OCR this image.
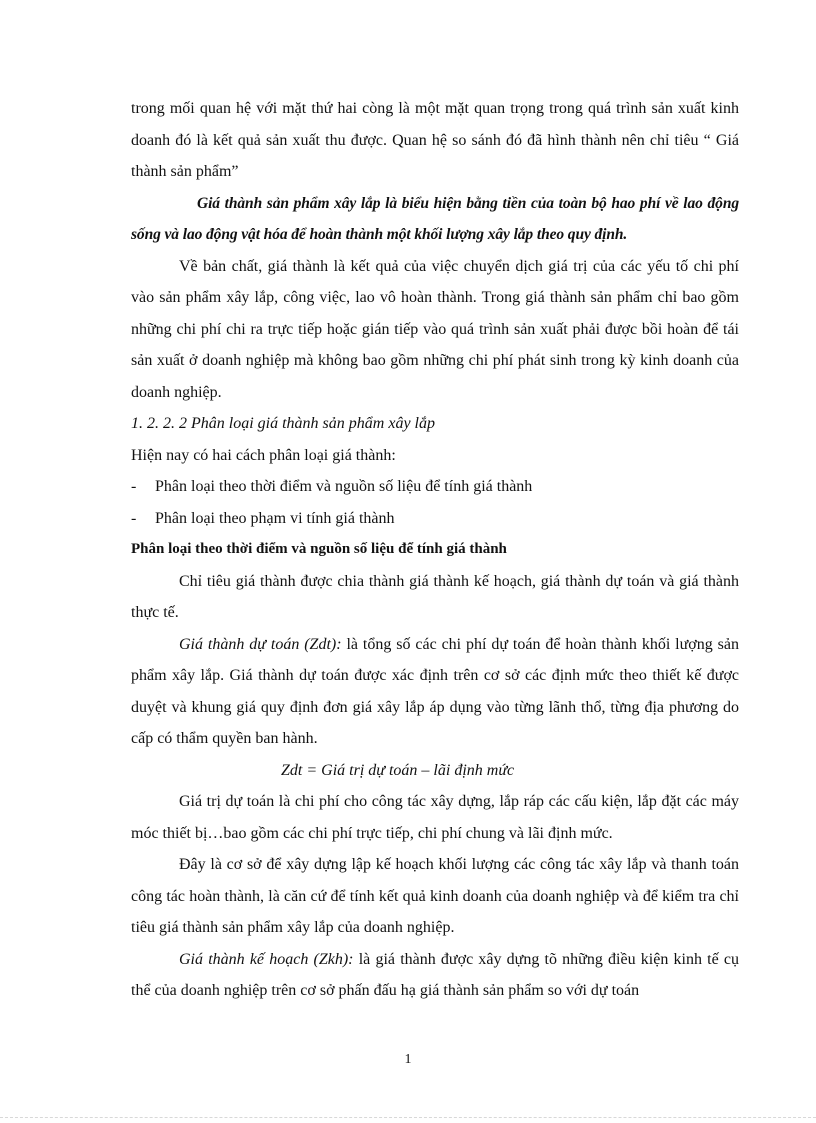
trong mối quan hệ với mặt thứ hai còng là một mặt quan trọng trong quá trình sản xuất kinh doanh đó là kết quả sản xuất thu được. Quan hệ so sánh đó đã hình thành nên chỉ tiêu “ Giá thành sản phẩm”

Giá thành sản phẩm xây lắp là biểu hiện bằng tiền của toàn bộ hao phí về lao động sống và lao động vật hóa để hoàn thành một khối lượng xây lắp theo quy định.

Về bản chất, giá thành là kết quả của việc chuyển dịch giá trị của các yếu tố chi phí vào sản phẩm xây lắp, công việc, lao vô hoàn thành. Trong giá thành sản phẩm chỉ bao gồm những chi phí chi ra trực tiếp hoặc gián tiếp vào quá trình sản xuất phải được bồi hoàn để tái sản xuất ở doanh nghiệp mà không bao gồm những chi phí phát sinh trong kỳ kinh doanh của doanh nghiệp.

1. 2. 2. 2 Phân loại giá thành sản phẩm xây lắp

Hiện nay có hai cách phân loại giá thành:

-	Phân loại theo thời điểm và nguồn số liệu để tính giá thành
-	Phân loại theo phạm vi tính giá thành

Phân loại theo thời điểm và nguồn số liệu để tính giá thành

Chỉ tiêu giá thành được chia thành giá thành kế hoạch, giá thành dự toán và giá thành thực tế.

Giá thành dự toán (Zdt): là tổng số các chi phí dự toán để hoàn thành khối lượng sản phẩm xây lắp. Giá thành dự toán được xác định trên cơ sở các định mức theo thiết kế được duyệt và khung giá quy định đơn giá xây lắp áp dụng vào từng lãnh thổ, từng địa phương do cấp có thẩm quyền ban hành.

Zdt = Giá trị dự toán – lãi định mức

Giá trị dự toán là chi phí cho công tác xây dựng, lắp ráp các cấu kiện, lắp đặt các máy móc thiết bị…bao gồm các chi phí trực tiếp, chi phí chung và lãi định mức.

Đây là cơ sở để xây dựng lập kế hoạch khối lượng các công tác xây lắp và thanh toán công tác hoàn thành, là căn cứ để tính kết quả kinh doanh của doanh nghiệp và để kiểm tra chỉ tiêu giá thành sản phẩm xây lắp của doanh nghiệp.

Giá thành kế hoạch (Zkh): là giá thành được xây dựng tõ những điều kiện kinh tế cụ thể của doanh nghiệp trên cơ sở phấn đấu hạ giá thành sản phẩm so với dự toán

1
